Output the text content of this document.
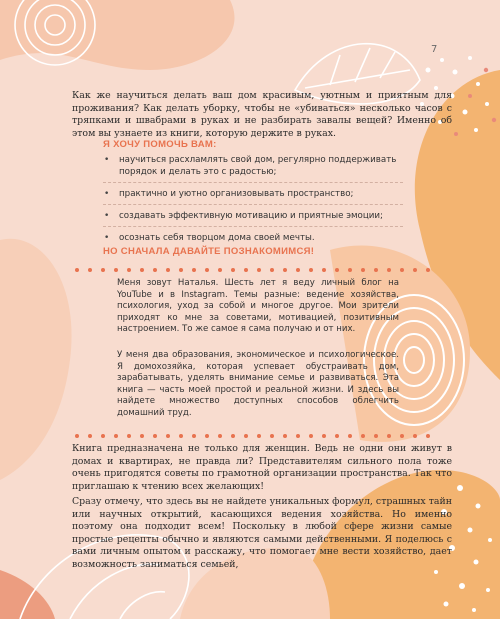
7

Как же научиться делать ваш дом красивым, уютным и приятным для проживания? Как делать уборку, чтобы не «убиваться» несколько часов с тряпками и швабрами в руках и не разбирать завалы вещей? Именно об этом вы узнаете из книги, которую держите в руках.

Я ХОЧУ ПОМОЧЬ ВАМ:
• научиться расхламлять свой дом, регулярно поддерживать порядок и делать это с радостью;
• практично и уютно организовывать пространство;
• создавать эффективную мотивацию и приятные эмоции;
• осознать себя творцом дома своей мечты.
НО СНАЧАЛА ДАВАЙТЕ ПОЗНАКОМИМСЯ!

Меня зовут Наталья. Шесть лет я веду личный блог на YouTube и в Instagram. Темы разные: ведение хозяйства, психология, уход за собой и многое другое. Мои зрители приходят ко мне за советами, мотивацией, позитивным настроением. То же самое я сама получаю и от них.

У меня два образования, экономическое и психологическое. Я домохозяйка, которая успевает обустраивать дом, зарабатывать, уделять внимание семье и развиваться. Эта книга — часть моей простой и реальной жизни. И здесь вы найдете множество доступных способов облегчить домашний труд.

Книга предназначена не только для женщин. Ведь не одни они живут в домах и квартирах, не правда ли? Представителям сильного пола тоже очень пригодятся советы по грамотной организации пространства. Так что приглашаю к чтению всех желающих!

Сразу отмечу, что здесь вы не найдете уникальных формул, страшных тайн или научных открытий, касающихся ведения хозяйства. Но именно поэтому она подходит всем! Поскольку в любой сфере жизни самые простые рецепты обычно и являются самыми действенными. Я поделюсь с вами личным опытом и расскажу, что помогает мне вести хозяйство, дает возможность заниматься семьей,
